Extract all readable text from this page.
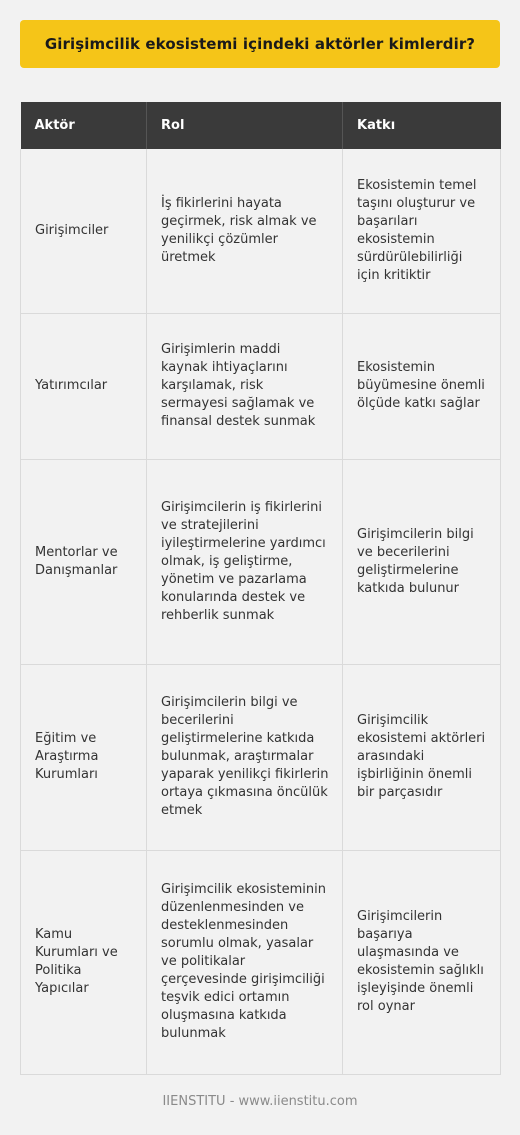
Girişimcilik ekosistemi içindeki aktörler kimlerdir?
Aktör	Rol	Katkı
Girişimciler	İş fikirlerini hayata geçirmek, risk almak ve yenilikçi çözümler üretmek	Ekosistemin temel taşını oluşturur ve başarıları ekosistemin sürdürülebilirliği için kritiktir
Yatırımcılar	Girişimlerin maddi kaynak ihtiyaçlarını karşılamak, risk sermayesi sağlamak ve finansal destek sunmak	Ekosistemin büyümesine önemli ölçüde katkı sağlar
Mentorlar ve Danışmanlar	Girişimcilerin iş fikirlerini ve stratejilerini iyileştirmelerine yardımcı olmak, iş geliştirme, yönetim ve pazarlama konularında destek ve rehberlik sunmak	Girişimcilerin bilgi ve becerilerini geliştirmelerine katkıda bulunur
Eğitim ve Araştırma Kurumları	Girişimcilerin bilgi ve becerilerini geliştirmelerine katkıda bulunmak, araştırmalar yaparak yenilikçi fikirlerin ortaya çıkmasına öncülük etmek	Girişimcilik ekosistemi aktörleri arasındaki işbirliğinin önemli bir parçasıdır
Kamu Kurumları ve Politika Yapıcılar	Girişimcilik ekosisteminin düzenlenmesinden ve desteklenmesinden sorumlu olmak, yasalar ve politikalar çerçevesinde girişimciliği teşvik edici ortamın oluşmasına katkıda bulunmak	Girişimcilerin başarıya ulaşmasında ve ekosistemin sağlıklı işleyişinde önemli rol oynar
IIENSTITU - www.iienstitu.com
